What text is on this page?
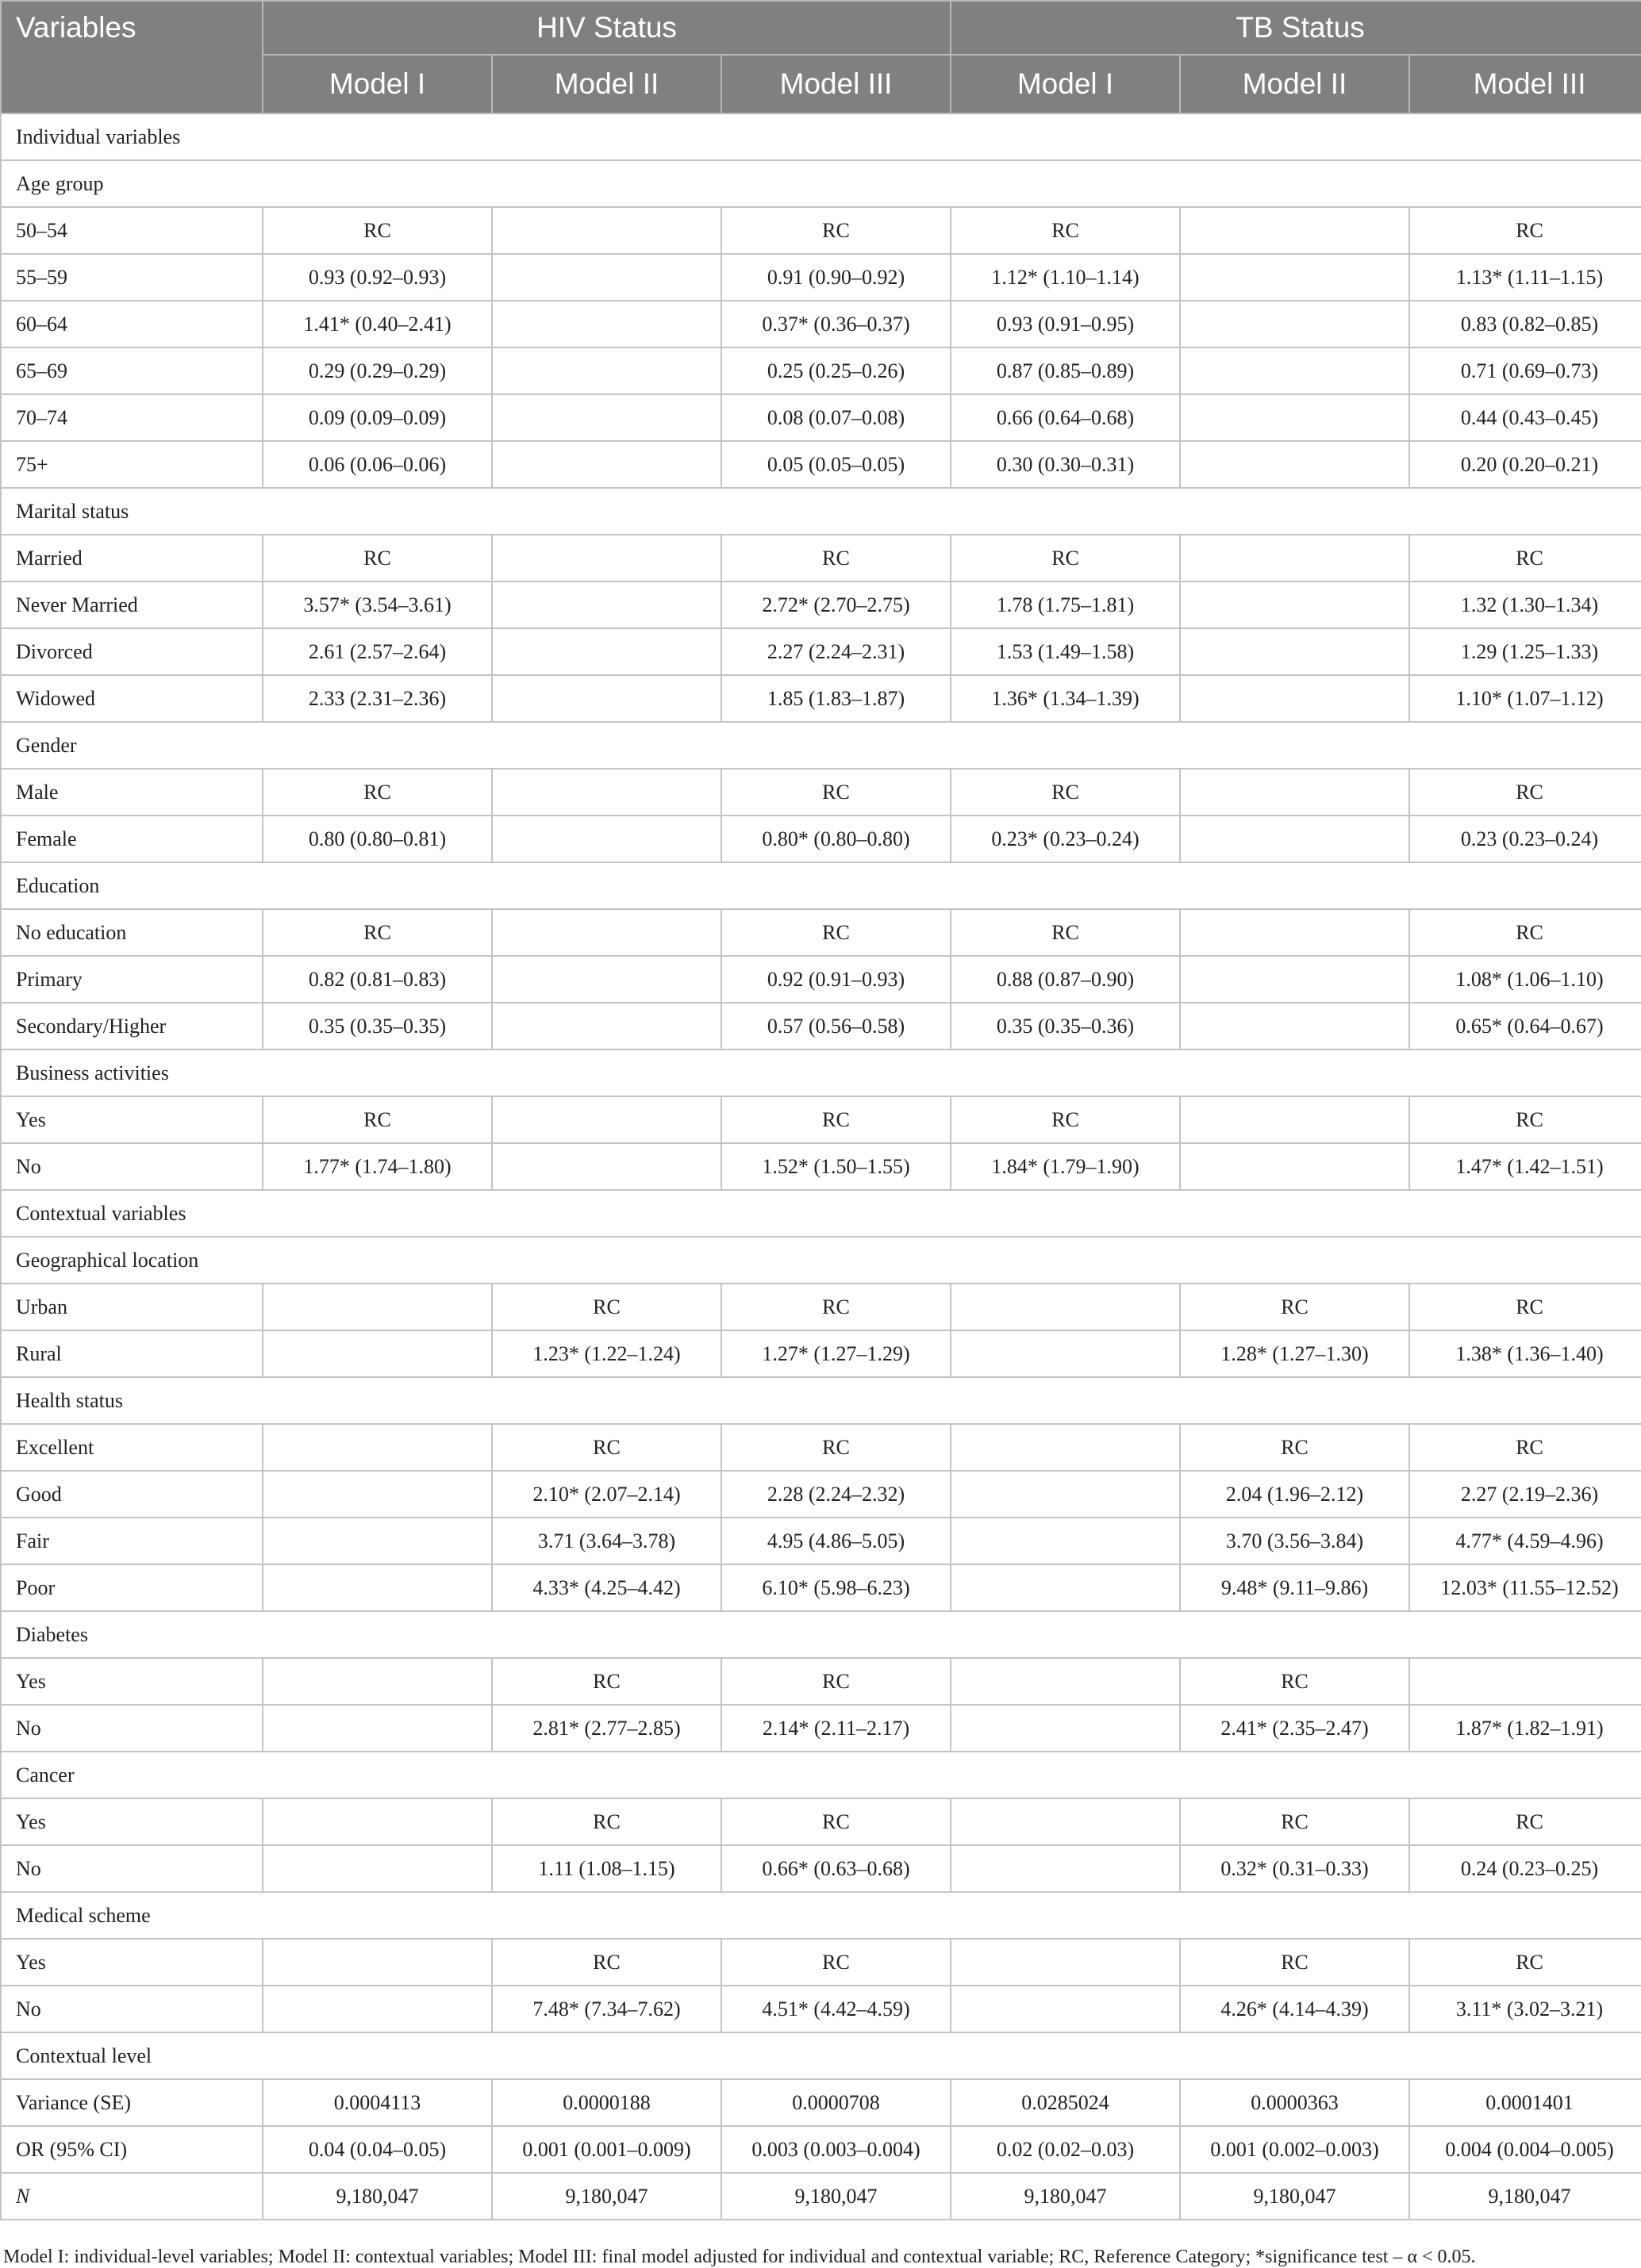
Variables	HIV Status			TB Status		
	Model I	Model II	Model III	Model I	Model II	Model III
Individual variables						
Age group						
50–54	RC		RC	RC		RC
55–59	0.93 (0.92–0.93)		0.91 (0.90–0.92)	1.12* (1.10–1.14)		1.13* (1.11–1.15)
60–64	1.41* (0.40–2.41)		0.37* (0.36–0.37)	0.93 (0.91–0.95)		0.83 (0.82–0.85)
65–69	0.29 (0.29–0.29)		0.25 (0.25–0.26)	0.87 (0.85–0.89)		0.71 (0.69–0.73)
70–74	0.09 (0.09–0.09)		0.08 (0.07–0.08)	0.66 (0.64–0.68)		0.44 (0.43–0.45)
75+	0.06 (0.06–0.06)		0.05 (0.05–0.05)	0.30 (0.30–0.31)		0.20 (0.20–0.21)
Marital status						
Married	RC		RC	RC		RC
Never Married	3.57* (3.54–3.61)		2.72* (2.70–2.75)	1.78 (1.75–1.81)		1.32 (1.30–1.34)
Divorced	2.61 (2.57–2.64)		2.27 (2.24–2.31)	1.53 (1.49–1.58)		1.29 (1.25–1.33)
Widowed	2.33 (2.31–2.36)		1.85 (1.83–1.87)	1.36* (1.34–1.39)		1.10* (1.07–1.12)
Gender						
Male	RC		RC	RC		RC
Female	0.80 (0.80–0.81)		0.80* (0.80–0.80)	0.23* (0.23–0.24)		0.23 (0.23–0.24)
Education						
No education	RC		RC	RC		RC
Primary	0.82 (0.81–0.83)		0.92 (0.91–0.93)	0.88 (0.87–0.90)		1.08* (1.06–1.10)
Secondary/Higher	0.35 (0.35–0.35)		0.57 (0.56–0.58)	0.35 (0.35–0.36)		0.65* (0.64–0.67)
Business activities						
Yes	RC		RC	RC		RC
No	1.77* (1.74–1.80)		1.52* (1.50–1.55)	1.84* (1.79–1.90)		1.47* (1.42–1.51)
Contextual variables						
Geographical location						
Urban		RC	RC		RC	RC
Rural		1.23* (1.22–1.24)	1.27* (1.27–1.29)		1.28* (1.27–1.30)	1.38* (1.36–1.40)
Health status						
Excellent		RC	RC		RC	RC
Good		2.10* (2.07–2.14)	2.28 (2.24–2.32)		2.04 (1.96–2.12)	2.27 (2.19–2.36)
Fair		3.71 (3.64–3.78)	4.95 (4.86–5.05)		3.70 (3.56–3.84)	4.77* (4.59–4.96)
Poor		4.33* (4.25–4.42)	6.10* (5.98–6.23)		9.48* (9.11–9.86)	12.03* (11.55–12.52)
Diabetes						
Yes		RC	RC		RC	
No		2.81* (2.77–2.85)	2.14* (2.11–2.17)		2.41* (2.35–2.47)	1.87* (1.82–1.91)
Cancer						
Yes		RC	RC		RC	RC
No		1.11 (1.08–1.15)	0.66* (0.63–0.68)		0.32* (0.31–0.33)	0.24 (0.23–0.25)
Medical scheme						
Yes		RC	RC		RC	RC
No		7.48* (7.34–7.62)	4.51* (4.42–4.59)		4.26* (4.14–4.39)	3.11* (3.02–3.21)
Contextual level						
Variance (SE)	0.0004113	0.0000188	0.0000708	0.0285024	0.0000363	0.0001401
OR (95% CI)	0.04 (0.04–0.05)	0.001 (0.001–0.009)	0.003 (0.003–0.004)	0.02 (0.02–0.03)	0.001 (0.002–0.003)	0.004 (0.004–0.005)
N	9,180,047	9,180,047	9,180,047	9,180,047	9,180,047	9,180,047
Model I: individual-level variables; Model II: contextual variables; Model III: final model adjusted for individual and contextual variable; RC, Reference Category; *significance test – α < 0.05.
